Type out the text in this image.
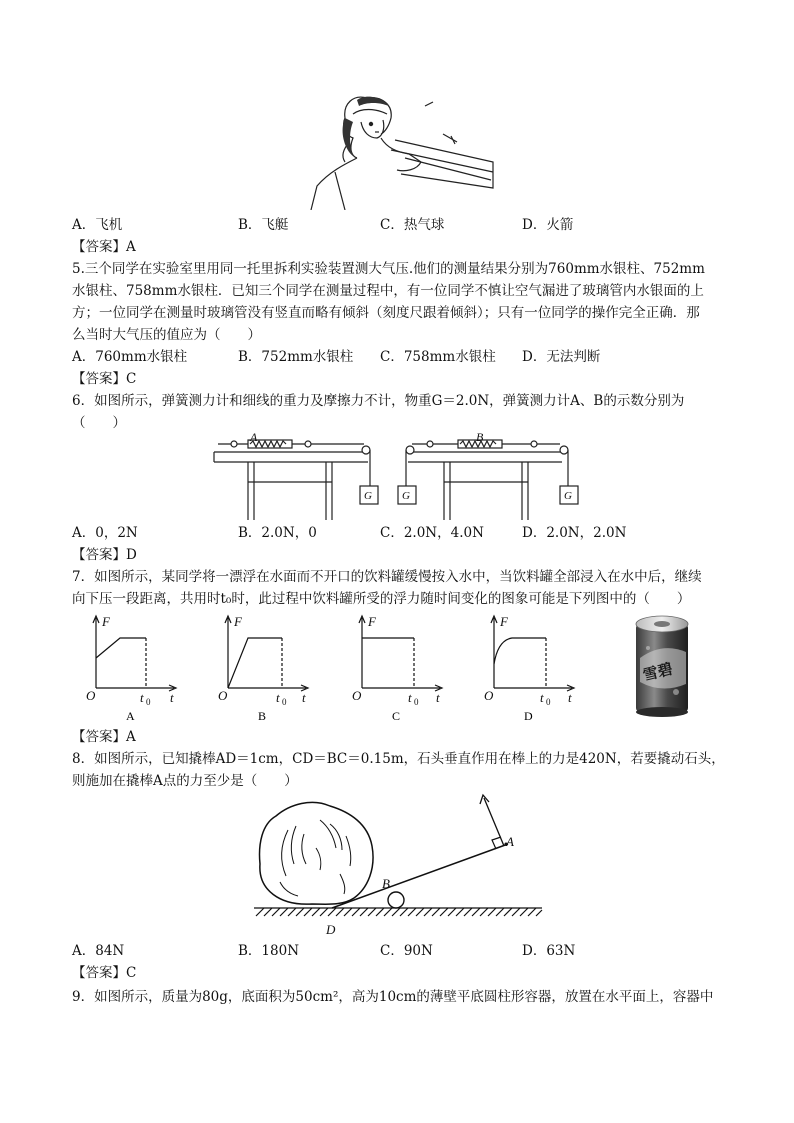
A．飞机	B．飞艇	C．热气球	D．火箭
【答案】A
5.三个同学在实验室里用同一托里拆利实验装置测大气压.他们的测量结果分别为760mm水银柱、752mm
水银柱、758mm水银柱．已知三个同学在测量过程中，有一位同学不慎让空气漏进了玻璃管内水银面的上
方；一位同学在测量时玻璃管没有竖直而略有倾斜（刻度尺跟着倾斜）；只有一位同学的操作完全正确．那
么当时大气压的值应为（　　）
A．760mm水银柱	B．752mm水银柱 C．758mm水银柱 D．无法判断
【答案】C
6．如图所示，弹簧测力计和细线的重力及摩擦力不计，物重G＝2.0N，弹簧测力计A、B的示数分别为
（　　）
A	B
G	G	G
A．0，2N	B．2.0N，0	C．2.0N，4.0N	D．2.0N，2.0N
【答案】D
7．如图所示，某同学将一漂浮在水面而不开口的饮料罐缓慢按入水中，当饮料罐全部浸入在水中后，继续
向下压一段距离，共用时t₀时，此过程中饮料罐所受的浮力随时间变化的图象可能是下列图中的（　　）
F
O	t
t 0
A
F
O	t
t 0
B
F
O	t
t 0
C
F
O	t
t 0
D
雪碧
【答案】A
8．如图所示，已知撬棒AD＝1cm，CD＝BC＝0.15m，石头垂直作用在棒上的力是420N，若要撬动石头，
则施加在撬棒A点的力至少是（　　）
A
B
D
A．84N	B．180N	C．90N	D．63N
【答案】C
9．如图所示，质量为80g，底面积为50cm²，高为10cm的薄壁平底圆柱形容器，放置在水平面上，容器中
